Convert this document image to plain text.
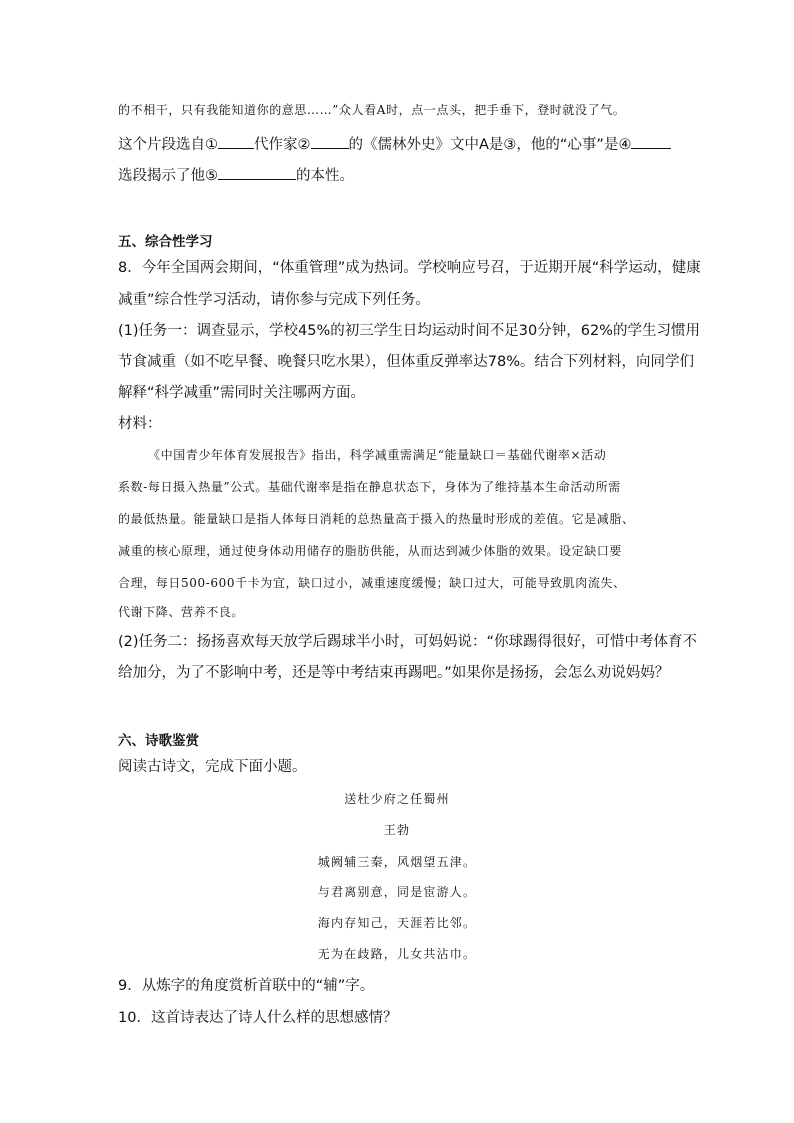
的不相干，只有我能知道你的意思……”众人看A时，点一点头，把手垂下，登时就没了气。
这个片段选自① 代作家②	的《儒林外史》文中A是③，他的“心事”是④
选段揭示了他⑤	的本性。
五、综合性学习
8．今年全国两会期间，“体重管理”成为热词。学校响应号召，于近期开展“科学运动，健康
减重”综合性学习活动，请你参与完成下列任务。
(1)任务一：调查显示，学校45%的初三学生日均运动时间不足30分钟，62%的学生习惯用
节食减重（如不吃早餐、晚餐只吃水果），但体重反弹率达78%。结合下列材料，向同学们
解释“科学减重”需同时关注哪两方面。
材料：
《中国青少年体育发展报告》指出，科学减重需满足“能量缺口＝基础代谢率×活动
系数-每日摄入热量”公式。基础代谢率是指在静息状态下，身体为了维持基本生命活动所需
的最低热量。能量缺口是指人体每日消耗的总热量高于摄入的热量时形成的差值。它是减脂、
减重的核心原理，通过使身体动用储存的脂肪供能，从而达到减少体脂的效果。设定缺口要
合理，每日500-600千卡为宜，缺口过小，减重速度缓慢；缺口过大，可能导致肌肉流失、
代谢下降、营养不良。
(2)任务二：扬扬喜欢每天放学后踢球半小时，可妈妈说：“你球踢得很好，可惜中考体育不
给加分，为了不影响中考，还是等中考结束再踢吧。”如果你是扬扬，会怎么劝说妈妈？
六、诗歌鉴赏
阅读古诗文，完成下面小题。
送杜少府之任蜀州
王勃
城阙辅三秦，风烟望五津。
与君离别意，同是宦游人。
海内存知己，天涯若比邻。
无为在歧路，儿女共沾巾。
9．从炼字的角度赏析首联中的“辅”字。
10．这首诗表达了诗人什么样的思想感情？
